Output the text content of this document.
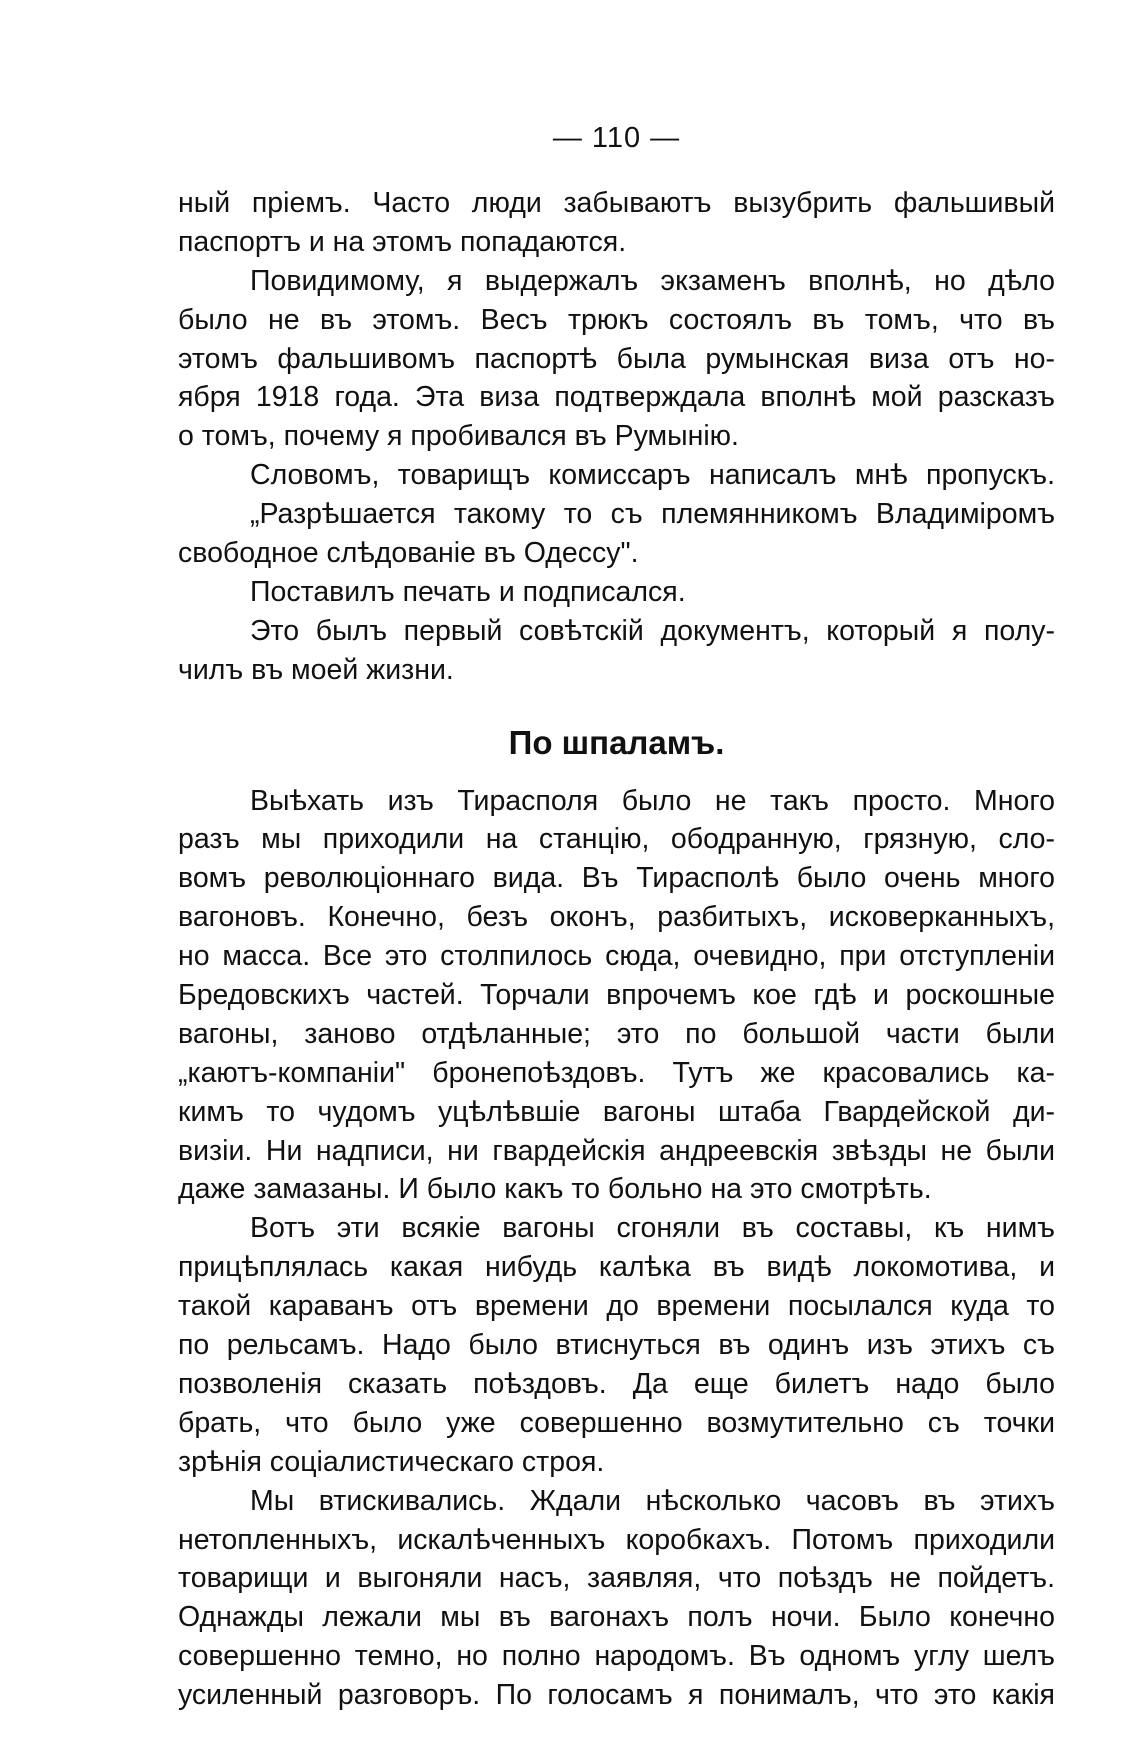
— 110 —
ный пріемъ. Часто люди забываютъ вызубрить фальшивый
паспортъ и на этомъ попадаются.
Повидимому, я выдержалъ экзаменъ вполнѣ, но дѣло
было не въ этомъ. Весъ трюкъ состоялъ въ томъ, что въ
этомъ фальшивомъ паспортѣ была румынская виза отъ но-
ября 1918 года. Эта виза подтверждала вполнѣ мой разсказъ
о томъ, почему я пробивался въ Румынію.
Словомъ, товарищъ комиссаръ написалъ мнѣ пропускъ.
„Разрѣшается такому то съ племянникомъ Владиміромъ
свободное слѣдованіе въ Одессу".
Поставилъ печать и подписался.
Это былъ первый совѣтскій документъ, который я полу-
чилъ въ моей жизни.
По шпаламъ.
Выѣхать изъ Тирасполя было не такъ просто. Много
разъ мы приходили на станцію, ободранную, грязную, сло-
вомъ революціоннаго вида. Въ Тирасполѣ было очень много
вагоновъ. Конечно, безъ оконъ, разбитыхъ, исковерканныхъ,
но масса. Все это столпилось сюда, очевидно, при отступленіи
Бредовскихъ частей. Торчали впрочемъ кое гдѣ и роскошные
вагоны, заново отдѣланные; это по большой части были
„каютъ-компаніи" бронепоѣздовъ. Тутъ же красовались ка-
кимъ то чудомъ уцѣлѣвшіе вагоны штаба Гвардейской ди-
визіи. Ни надписи, ни гвардейскія андреевскія звѣзды не были
даже замазаны. И было какъ то больно на это смотрѣть.
Вотъ эти всякіе вагоны сгоняли въ составы, къ нимъ
прицѣплялась какая нибудь калѣка въ видѣ локомотива, и
такой караванъ отъ времени до времени посылался куда то
по рельсамъ. Надо было втиснуться въ одинъ изъ этихъ съ
позволенія сказать поѣздовъ. Да еще билетъ надо было
брать, что было уже совершенно возмутительно съ точки
зрѣнія соціалистическаго строя.
Мы втискивались. Ждали нѣсколько часовъ въ этихъ
нетопленныхъ, искалѣченныхъ коробкахъ. Потомъ приходили
товарищи и выгоняли насъ, заявляя, что поѣздъ не пойдетъ.
Однажды лежали мы въ вагонахъ полъ ночи. Было конечно
совершенно темно, но полно народомъ. Въ одномъ углу шелъ
усиленный разговоръ. По голосамъ я понималъ, что это какія
